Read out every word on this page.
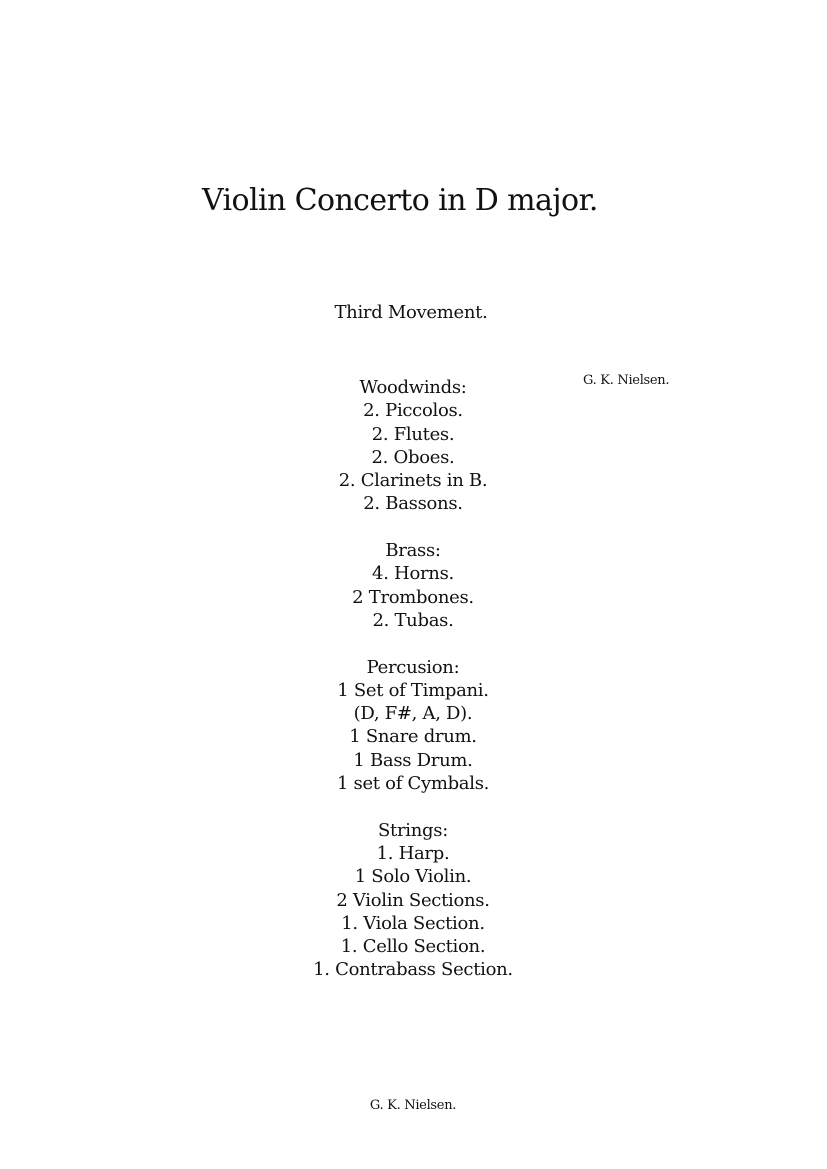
Violin Concerto in D major.
Third Movement.
G. K. Nielsen.
Woodwinds:
2. Piccolos.
2. Flutes.
2. Oboes.
2. Clarinets in B.
2. Bassons.
Brass:
4. Horns.
2 Trombones.
2. Tubas.
Percusion:
1 Set of Timpani.
(D, F#, A, D).
1 Snare drum.
1 Bass Drum.
1 set of Cymbals.
Strings:
1. Harp.
1 Solo Violin.
2 Violin Sections.
1. Viola Section.
1. Cello Section.
1. Contrabass Section.
G. K. Nielsen.
